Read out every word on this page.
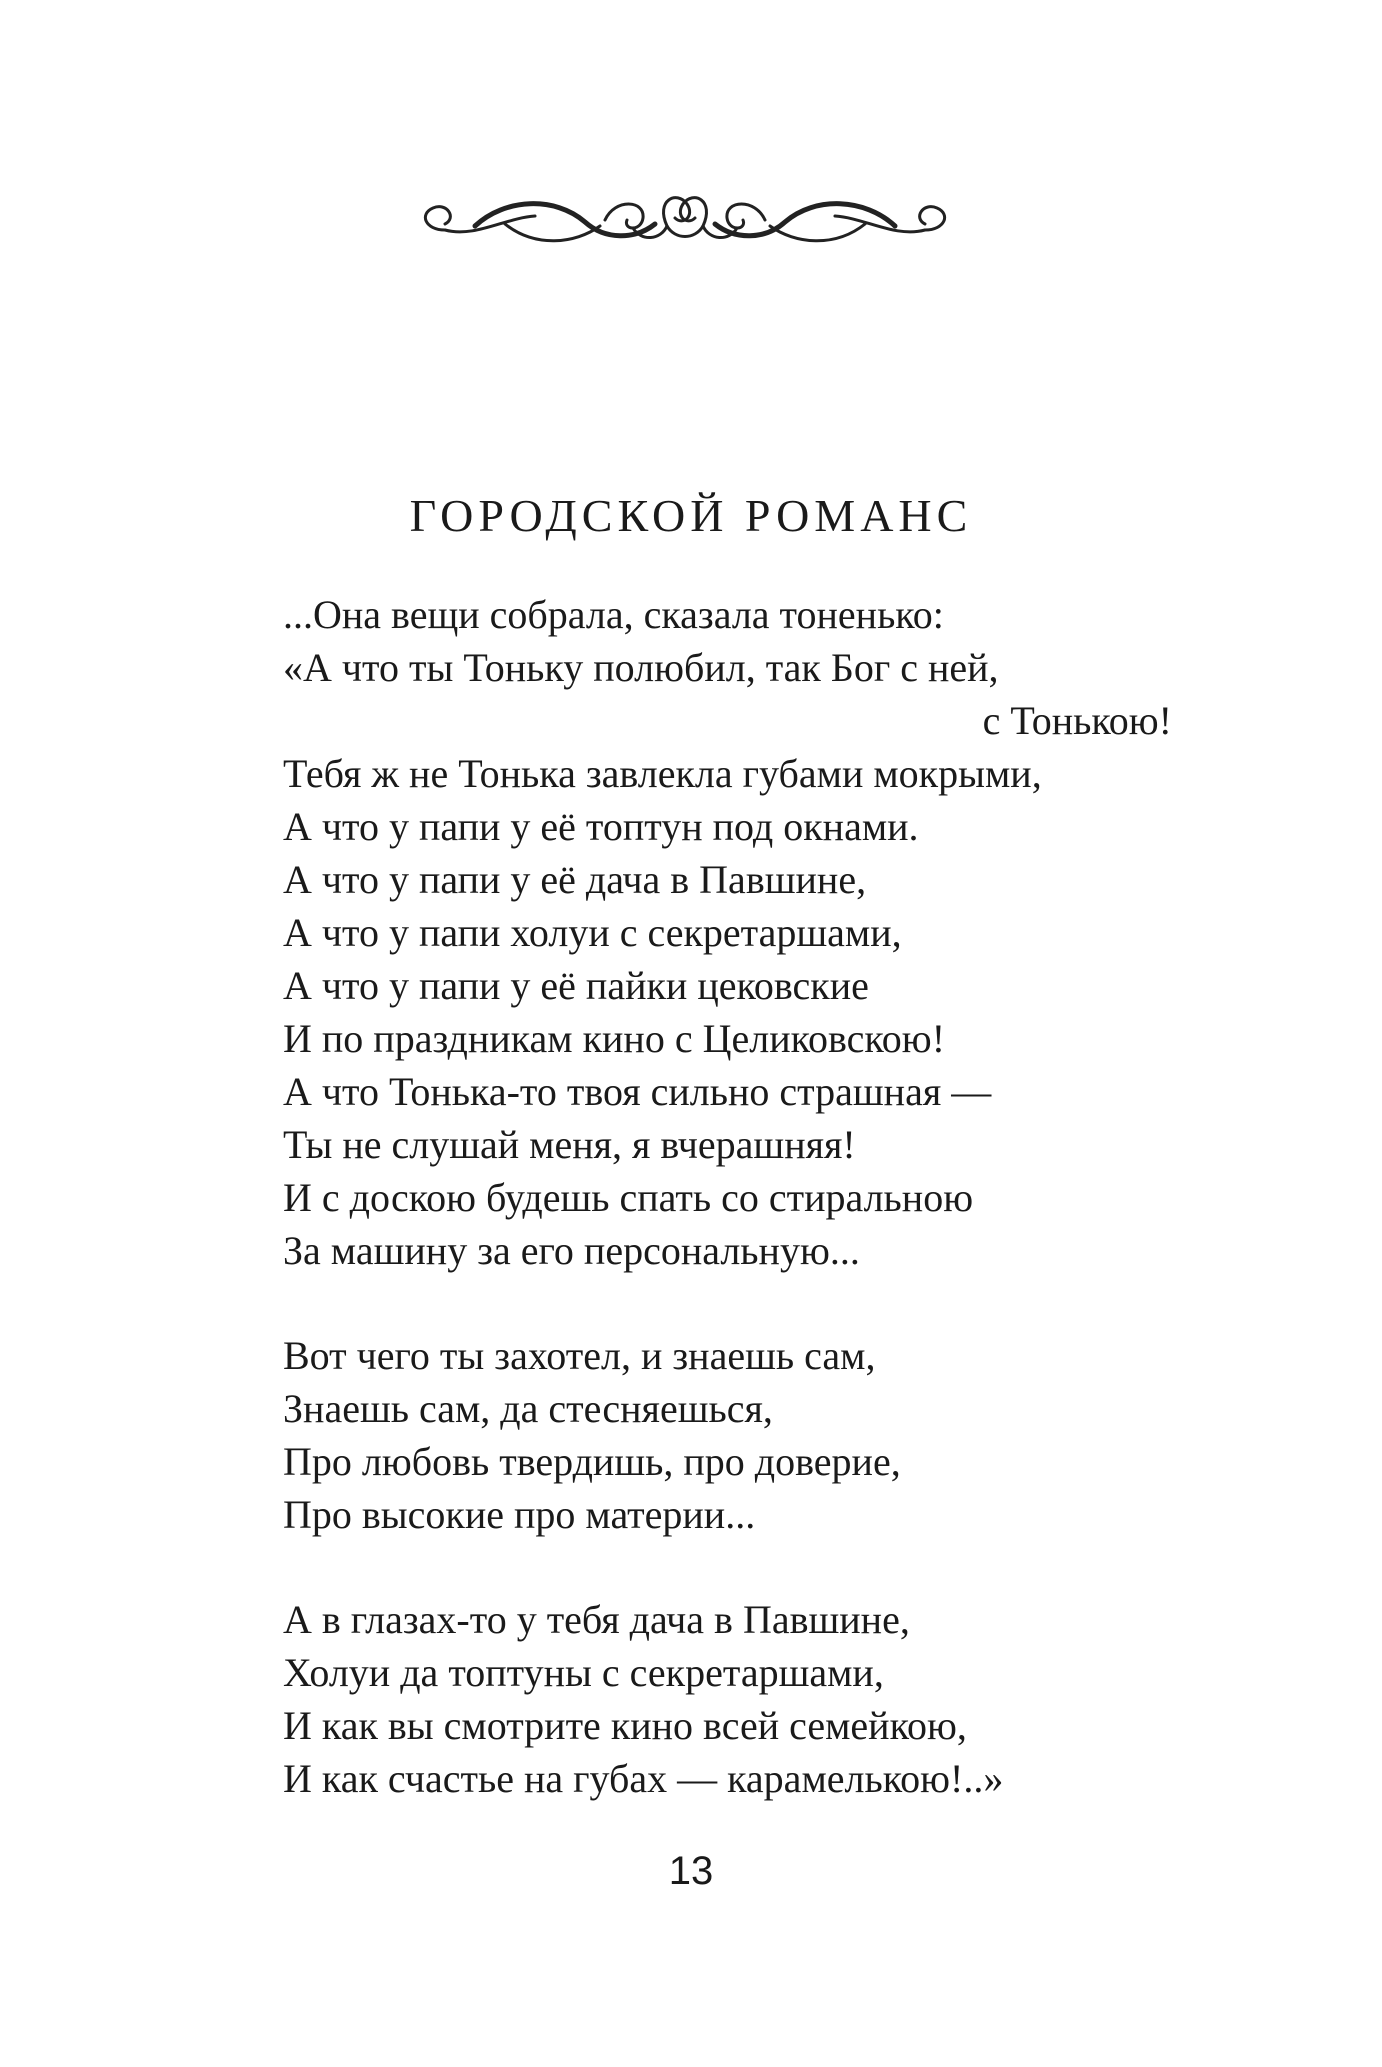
ГОРОДСКОЙ РОМАНС
...Она вещи собрала, сказала тоненько:
«А что ты Тоньку полюбил, так Бог с ней,
с Тонькою!
Тебя ж не Тонька завлекла губами мокрыми,
А что у папи у её топтун под окнами.
А что у папи у её дача в Павшине,
А что у папи холуи с секретаршами,
А что у папи у её пайки цековские
И по праздникам кино с Целиковскою!
А что Тонька-то твоя сильно страшная —
Ты не слушай меня, я вчерашняя!
И с доскою будешь спать со стиральною
За машину за его персональную...
Вот чего ты захотел, и знаешь сам,
Знаешь сам, да стесняешься,
Про любовь твердишь, про доверие,
Про высокие про материи...
А в глазах-то у тебя дача в Павшине,
Холуи да топтуны с секретаршами,
И как вы смотрите кино всей семейкою,
И как счастье на губах — карамелькою!..»
13
